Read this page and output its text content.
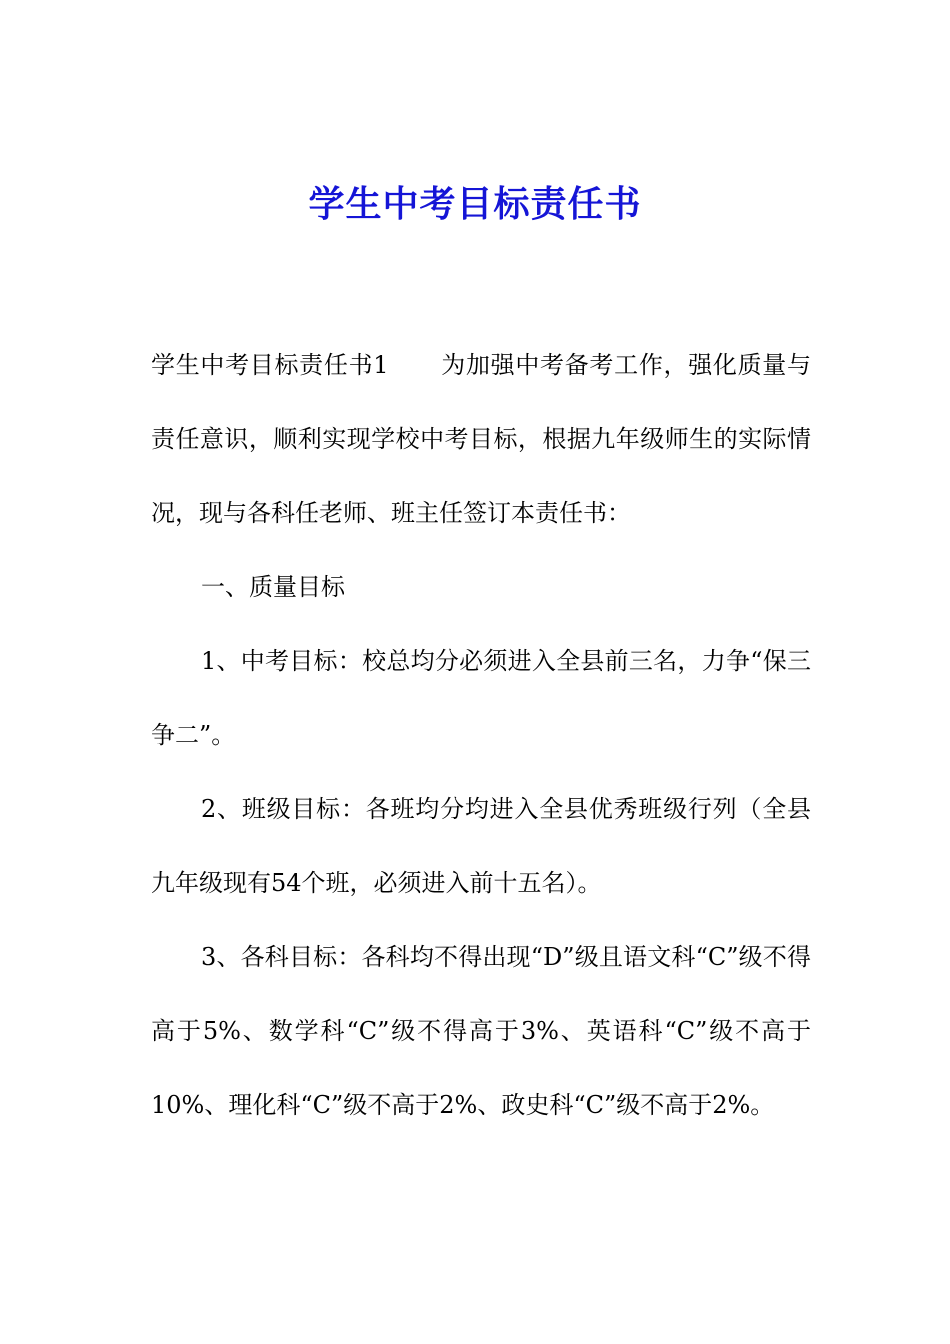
学生中考目标责任书

学生中考目标责任书1 为加强中考备考工作，强化质量与责任意识，顺利实现学校中考目标，根据九年级师生的实际情况，现与各科任老师、班主任签订本责任书：

一、质量目标

1、中考目标：校总均分必须进入全县前三名，力争“保三争二”。

2、班级目标：各班均分均进入全县优秀班级行列（全县九年级现有54个班，必须进入前十五名）。

3、各科目标：各科均不得出现“D”级且语文科“C”级不得高于5%、数学科“C”级不得高于3%、英语科“C”级不高于10%、理化科“C”级不高于2%、政史科“C”级不高于2%。
